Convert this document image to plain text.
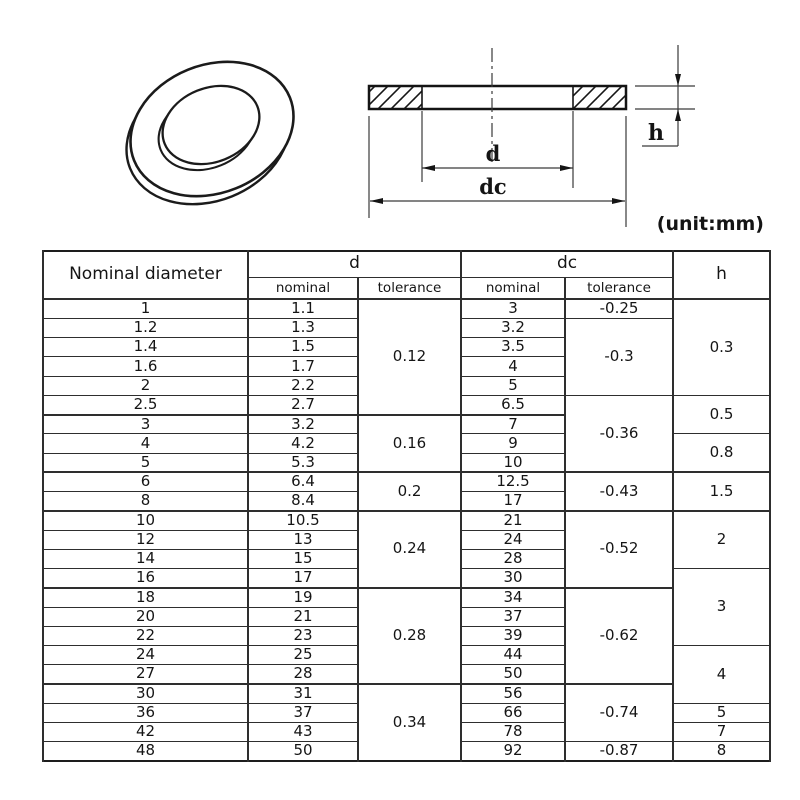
d
dc
h
(unit:mm)
Nominal diameter	d		dc		h
	nominal	tolerance	nominal	tolerance	
1	1.1	0.12	3	-0.25	0.3
1.2	1.3		3.2	-0.3	
1.4	1.5		3.5		
1.6	1.7		4		
2	2.2		5		
2.5	2.7		6.5	-0.36	0.5
3	3.2	0.16	7		
4	4.2		9		0.8
5	5.3		10		
6	6.4	0.2	12.5	-0.43	1.5
8	8.4		17		
10	10.5	0.24	21	-0.52	2
12	13		24		
14	15		28		
16	17		30		3
18	19	0.28	34	-0.62	
20	21		37		
22	23		39		
24	25		44		4
27	28		50		
30	31	0.34	56	-0.74	
36	37		66		5
42	43		78		7
48	50		92	-0.87	8
